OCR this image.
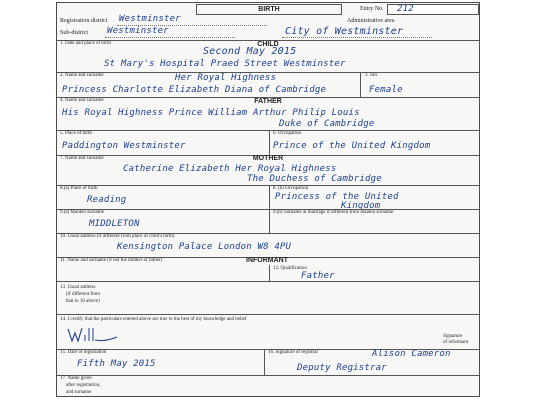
BIRTH	Entry No. 212
Registration district Westminster	Administrative area
Sub-district Westminster	City of Westminster
1. Date and place of birth	CHILD
Second May 2015
St Mary's Hospital Praed Street Westminster
2. Name and surname	Her Royal Highness
Princess Charlotte Elizabeth Diana of Cambridge
3. Sex
Female
4. Name and surname	FATHER
His Royal Highness Prince William Arthur Philip Louis
Duke of Cambridge
5. Place of birth
Paddington Westminster
6. Occupation
Prince of the United Kingdom
7. Name and surname	MOTHER
Catherine Elizabeth Her Royal Highness
The Duchess of Cambridge
8.(a) Place of birth
Reading
8. (b) Occupation
Princess of the United
Kingdom
9.(a) Maiden surname
MIDDLETON
9.(b) Surname at marriage if different from maiden surname
10. Usual address (if different from place of child's birth)
Kensington Palace London W8 4PU
11. Name and surname (if not the mother or father)	INFORMANT
12. Qualification
Father
13. Usual address
(if different from
that in 10 above)
14. I certify that the particulars entered above are true to the best of my knowledge and belief
Signature
of informant
15. Date of registration
Fifth May 2015
16. Signature of registrar	Alison Cameron
Deputy Registrar
17. Name given
after registration,
and surname
